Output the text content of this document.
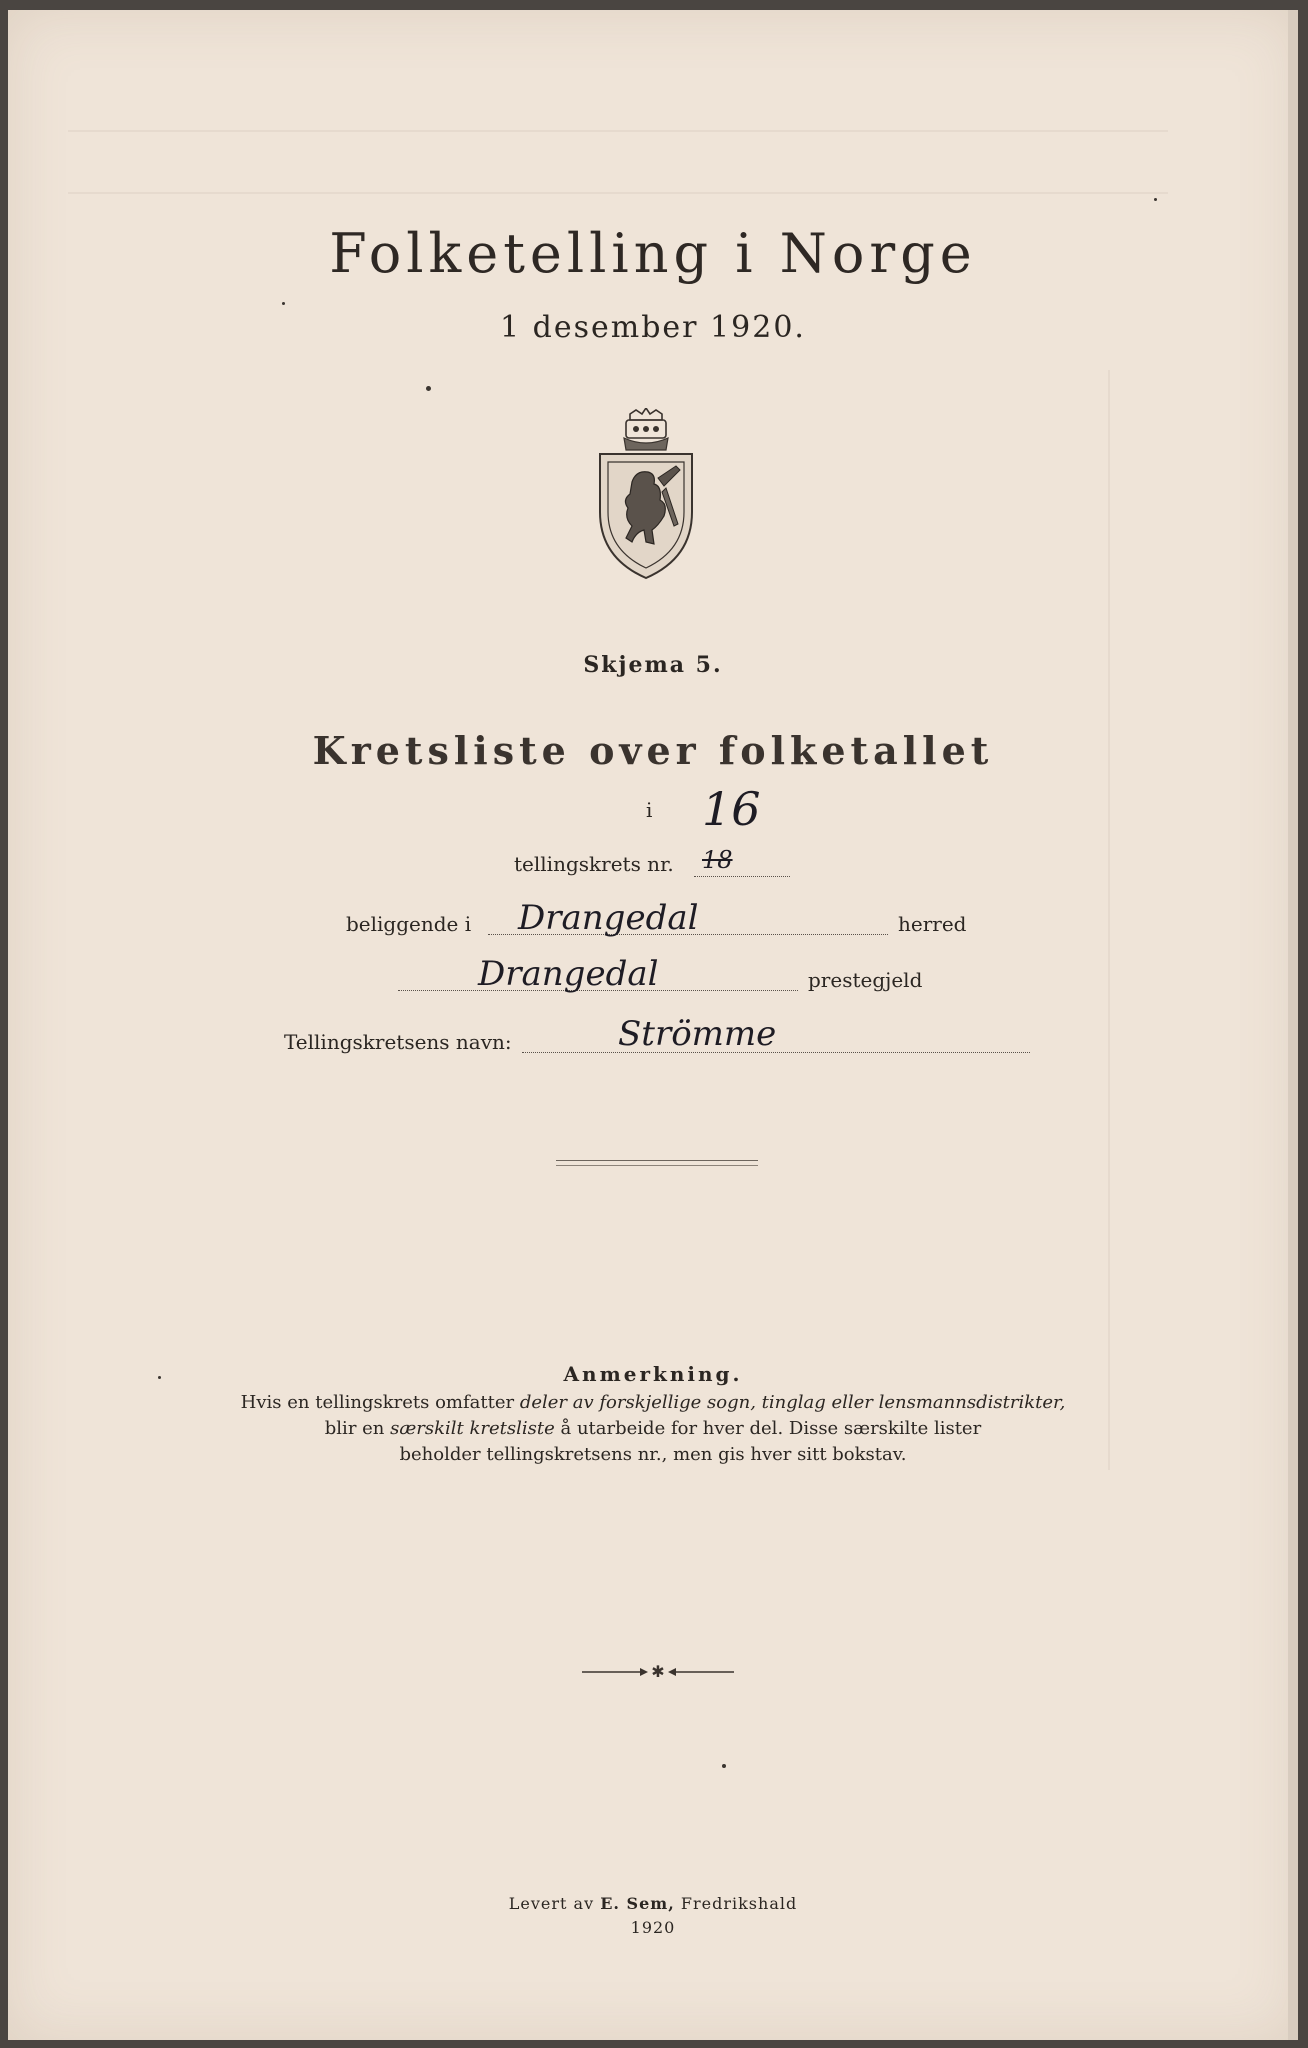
Folketelling i Norge
1 desember 1920.
Skjema 5.
Kretsliste over folketallet
i 16
tellingskrets nr. 18
beliggende i Drangedal	herred
Drangedal	prestegjeld
Tellingskretsens navn:	Strömme
Anmerkning.
Hvis en tellingskrets omfatter deler av forskjellige sogn, tinglag eller lensmannsdistrikter,
blir en særskilt kretsliste å utarbeide for hver del. Disse særskilte lister
beholder tellingskretsens nr., men gis hver sitt bokstav.
✱
Levert av E. Sem, Fredrikshald
1920
